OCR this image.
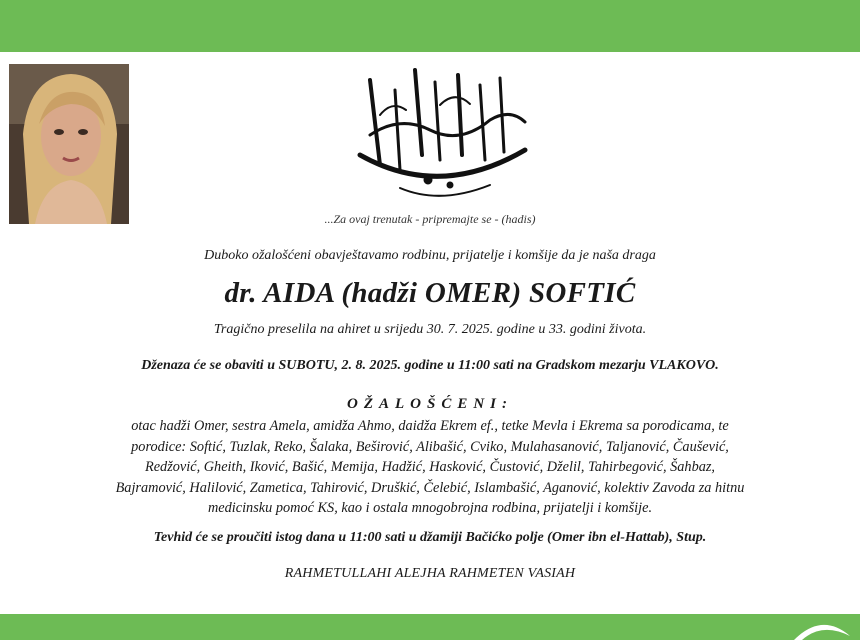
...Za ovaj trenutak - pripremajte se - (hadis)
Duboko ožalošćeni obavještavamo rodbinu, prijatelje i komšije da je naša draga
dr. AIDA (hadži OMER) SOFTIĆ
Tragično preselila na ahiret u srijedu 30. 7. 2025. godine u 33. godini života.
Dženaza će se obaviti u SUBOTU, 2. 8. 2025. godine u 11:00 sati na Gradskom mezarju VLAKOVO.
OŽALOŠĆENI:
otac hadži Omer, sestra Amela, amidža Ahmo, daidža Ekrem ef., tetke Mevla i Ekrema sa porodicama, te
porodice: Softić, Tuzlak, Reko, Šalaka, Beširović, Alibašić, Cviko, Mulahasanović, Taljanović, Čaušević,
Redžović, Gheith, Iković, Bašić, Memija, Hadžić, Hasković, Čustović, Dželil, Tahirbegović, Šahbaz,
Bajramović, Halilović, Zametica, Tahirović, Druškić, Čelebić, Islambašić, Aganović, kolektiv Zavoda za hitnu
medicinsku pomoć KS, kao i ostala mnogobrojna rodbina, prijatelji i komšije.
Tevhid će se proučiti istog dana u 11:00 sati u džamiji Bačićko polje (Omer ibn el-Hattab), Stup.
RAHMETULLAHI ALEJHA RAHMETEN VASIAH
